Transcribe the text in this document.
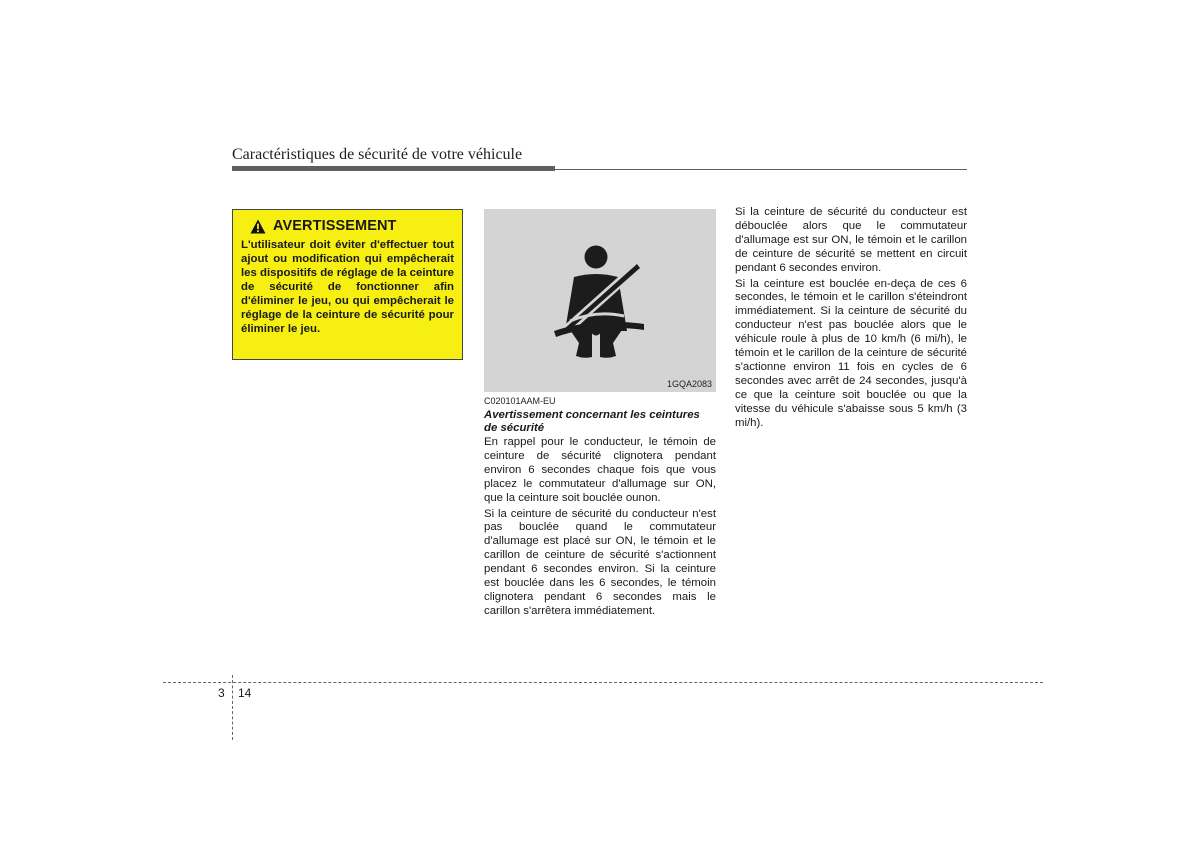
Caractéristiques de sécurité de votre véhicule
AVERTISSEMENT
L'utilisateur doit éviter d'effectuer tout ajout ou modification qui empêcherait les dispositifs de réglage de la ceinture de sécurité de fonctionner afin d'éliminer le jeu, ou qui empêcherait le réglage de la ceinture de sécurité pour éliminer le jeu.
1GQA2083
C020101AAM-EU
Avertissement concernant les ceintures de sécurité

En rappel pour le conducteur, le témoin de ceinture de sécurité clignotera pendant environ 6 secondes chaque fois que vous placez le commutateur d'allumage sur ON, que la ceinture soit bouclée ounon.

Si la ceinture de sécurité du conducteur n'est pas bouclée quand le commutateur d'allumage est placé sur ON, le témoin et le carillon de ceinture de sécurité s'actionnent pendant 6 secondes environ. Si la ceinture est bouclée dans les 6 secondes, le témoin clignotera pendant 6 secondes mais le carillon s'arrêtera immédiatement.

Si la ceinture de sécurité du conducteur est débouclée alors que le commutateur d'allumage est sur ON, le témoin et le carillon de ceinture de sécurité se mettent en circuit pendant 6 secondes environ.

Si la ceinture est bouclée en-deça de ces 6 secondes, le témoin et le carillon s'éteindront immédiatement. Si la ceinture de sécurité du conducteur n'est pas bouclée alors que le véhicule roule à plus de 10 km/h (6 mi/h), le témoin et le carillon de la ceinture de sécurité s'actionne environ 11 fois en cycles de 6 secondes avec arrêt de 24 secondes, jusqu'à ce que la ceinture soit bouclée ou que la vitesse du véhicule s'abaisse sous 5 km/h (3 mi/h).

3 14
